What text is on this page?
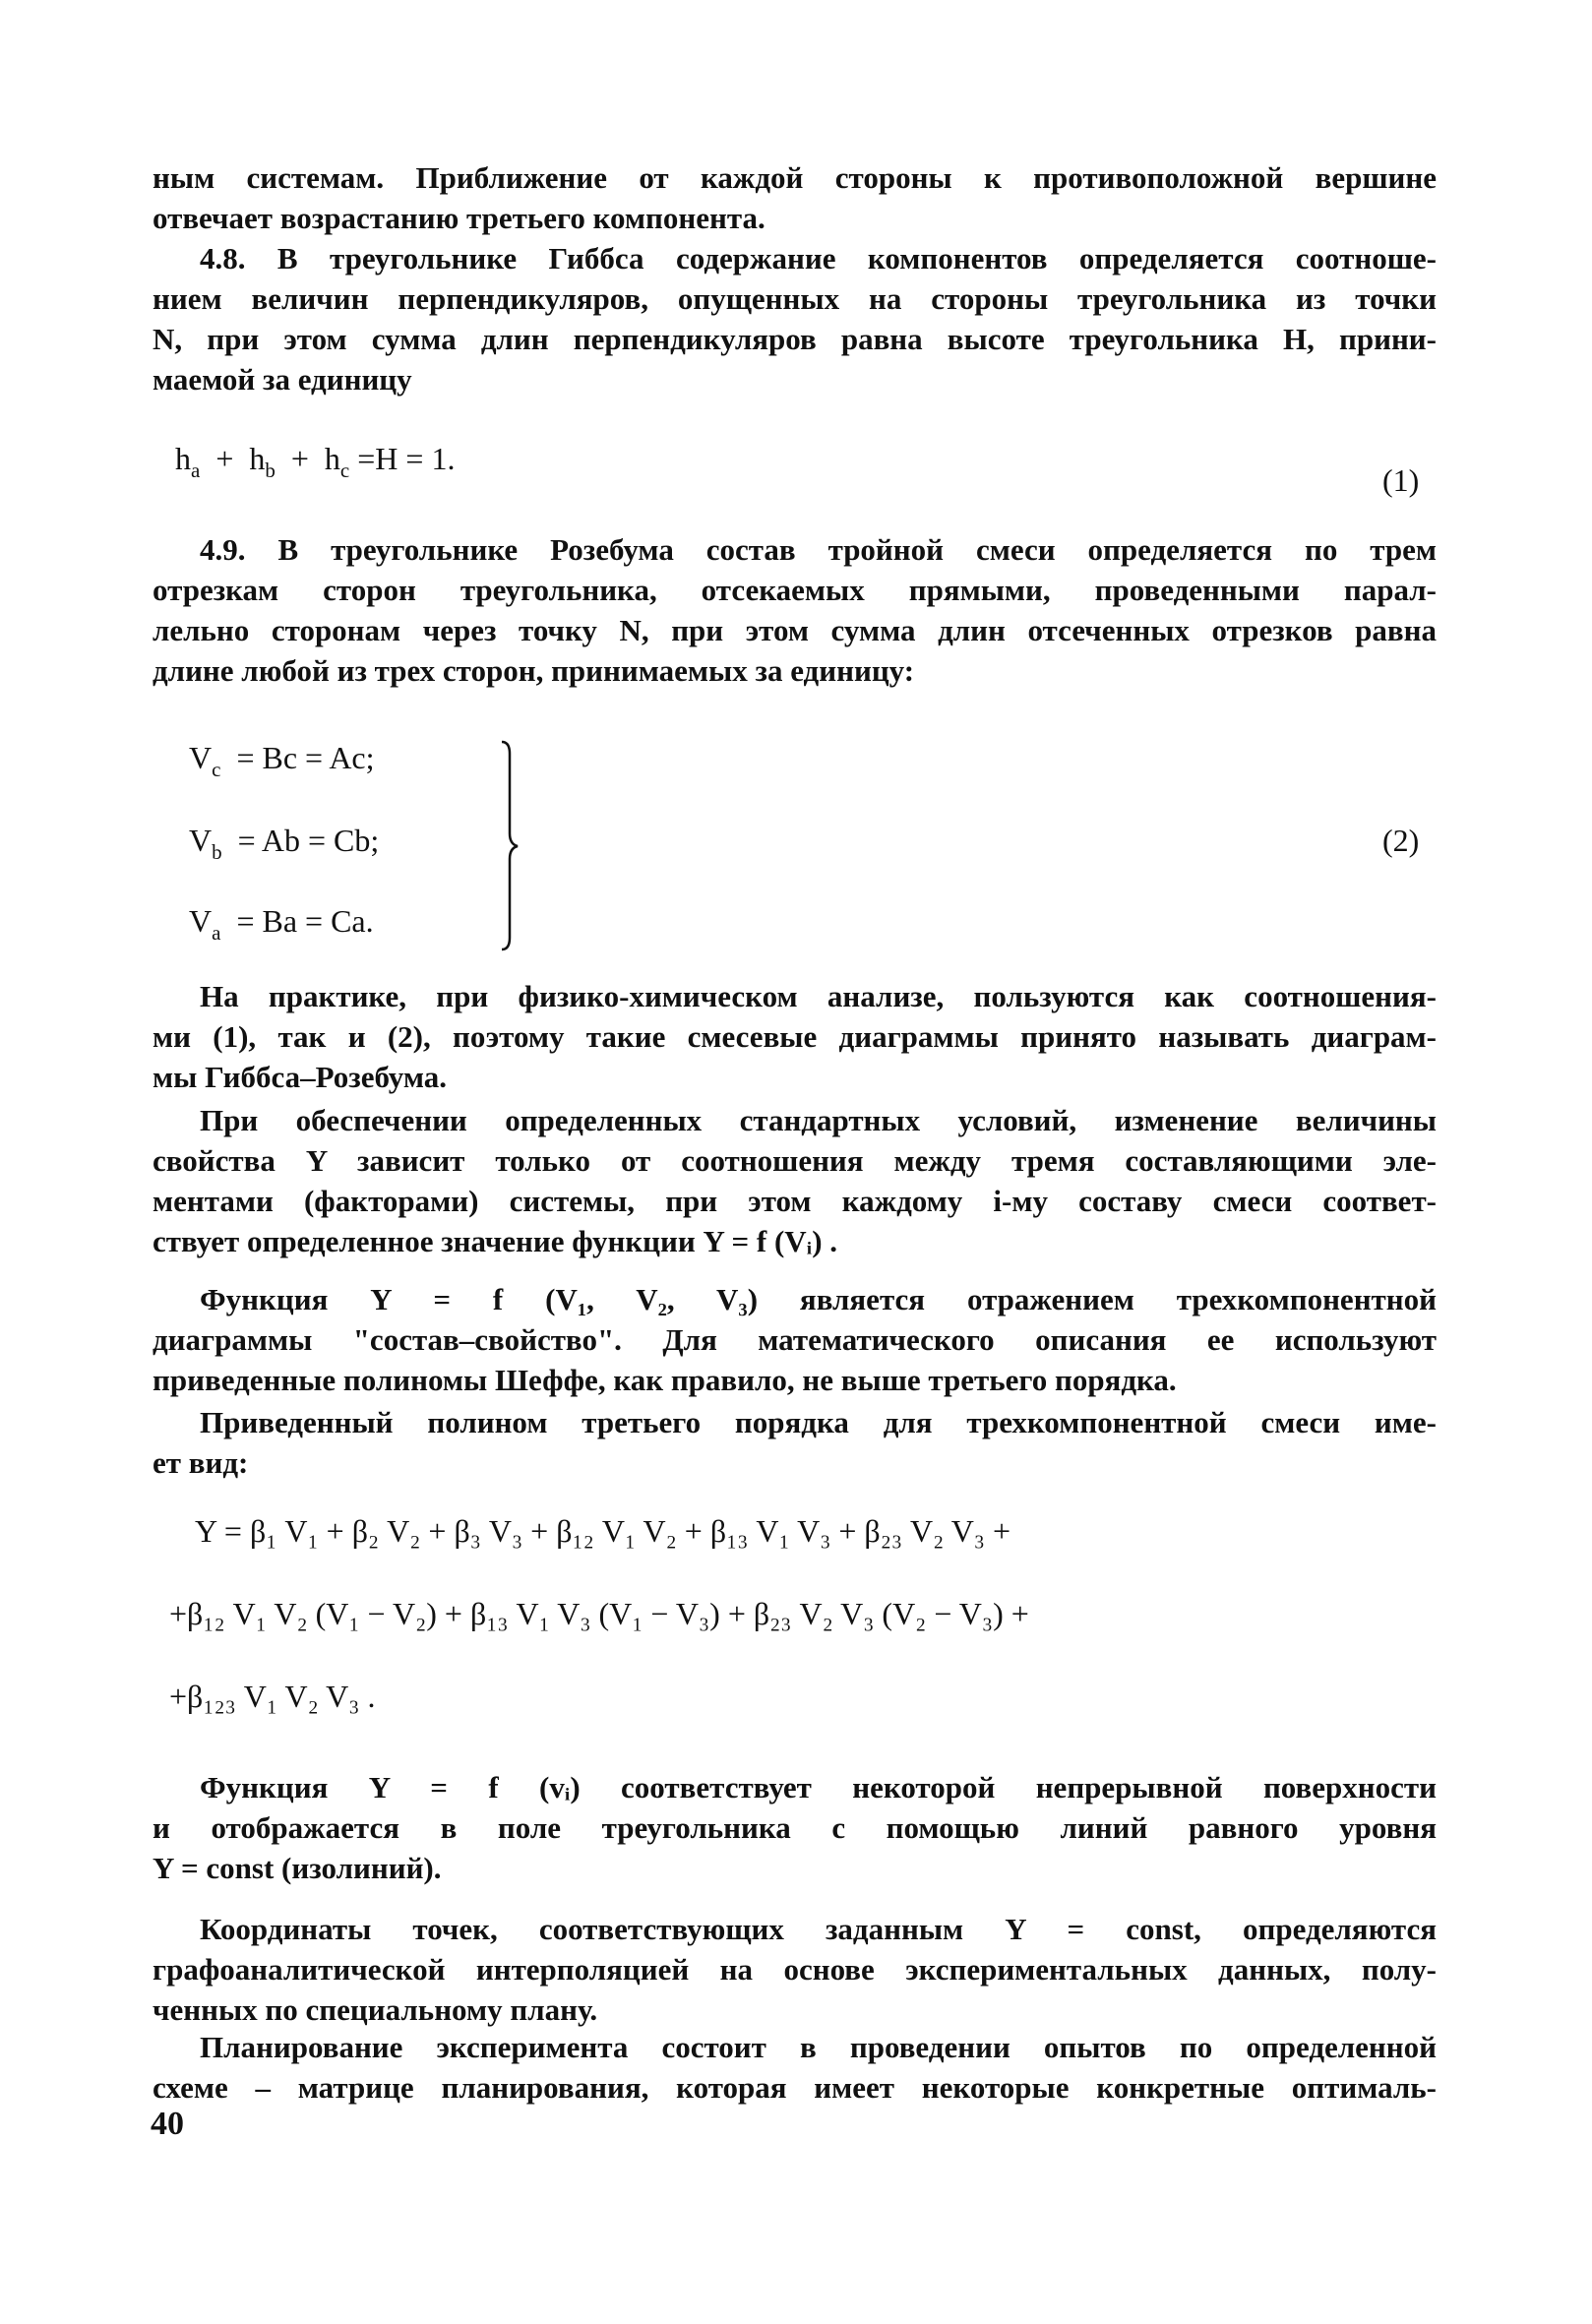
ным системам. Приближение от каждой стороны к противоположной вершине
отвечает возрастанию третьего компонента.
4.8. В треугольнике Гиббса содержание компонентов определяется соотноше-
нием величин перпендикуляров, опущенных на стороны треугольника из точки
N, при этом сумма длин перпендикуляров равна высоте треугольника H, прини-
маемой за единицу
$h_a + h_b + h_c =H = 1$.
(1)
4.9. В треугольнике Розебума состав тройной смеси определяется по трем
отрезкам сторон треугольника, отсекаемых прямыми, проведенными парал-
лельно сторонам через точку N, при этом сумма длин отсеченных отрезков равна
длине любой из трех сторон, принимаемых за единицу:
$V_c = Bc = Ac$;
$V_b = Ab = Cb$;
$V_a = Ba = Ca$.
(2)
На практике, при физико-химическом анализе, пользуются как соотношения-
ми (1), так и (2), поэтому такие смесевые диаграммы принято называть диаграм-
мы Гиббса–Розебума.
При обеспечении определенных стандартных условий, изменение величины
свойства Y зависит только от соотношения между тремя составляющими эле-
ментами (факторами) системы, при этом каждому i-му составу смеси соответ-
ствует определенное значение функции Y = f (Vᵢ) .
Функция Y = f (V₁, V₂, V₃) является отражением трехкомпонентной
диаграммы "состав–свойство". Для математического описания ее используют
приведенные полиномы Шеффе, как правило, не выше третьего порядка.
Приведенный полином третьего порядка для трехкомпонентной смеси име-
ет вид:
Y = β₁ V₁ + β₂ V₂ + β₃ V₃ + β₁₂ V₁ V₂ + β₁₃ V₁ V₃ + β₂₃ V₂ V₃ +
+β₁₂ V₁ V₂ (V₁ − V₂) + β₁₃ V₁ V₃ (V₁ − V₃) + β₂₃ V₂ V₃ (V₂ − V₃) +
+β₁₂₃ V₁ V₂ V₃ .
Функция Y = f (vᵢ) соответствует некоторой непрерывной поверхности
и отображается в поле треугольника с помощью линий равного уровня
Y = const (изолиний).
Координаты точек, соответствующих заданным Y = const, определяются
графоаналитической интерполяцией на основе экспериментальных данных, полу-
ченных по специальному плану.
Планирование эксперимента состоит в проведении опытов по определенной
схеме – матрице планирования, которая имеет некоторые конкретные оптималь-
40
